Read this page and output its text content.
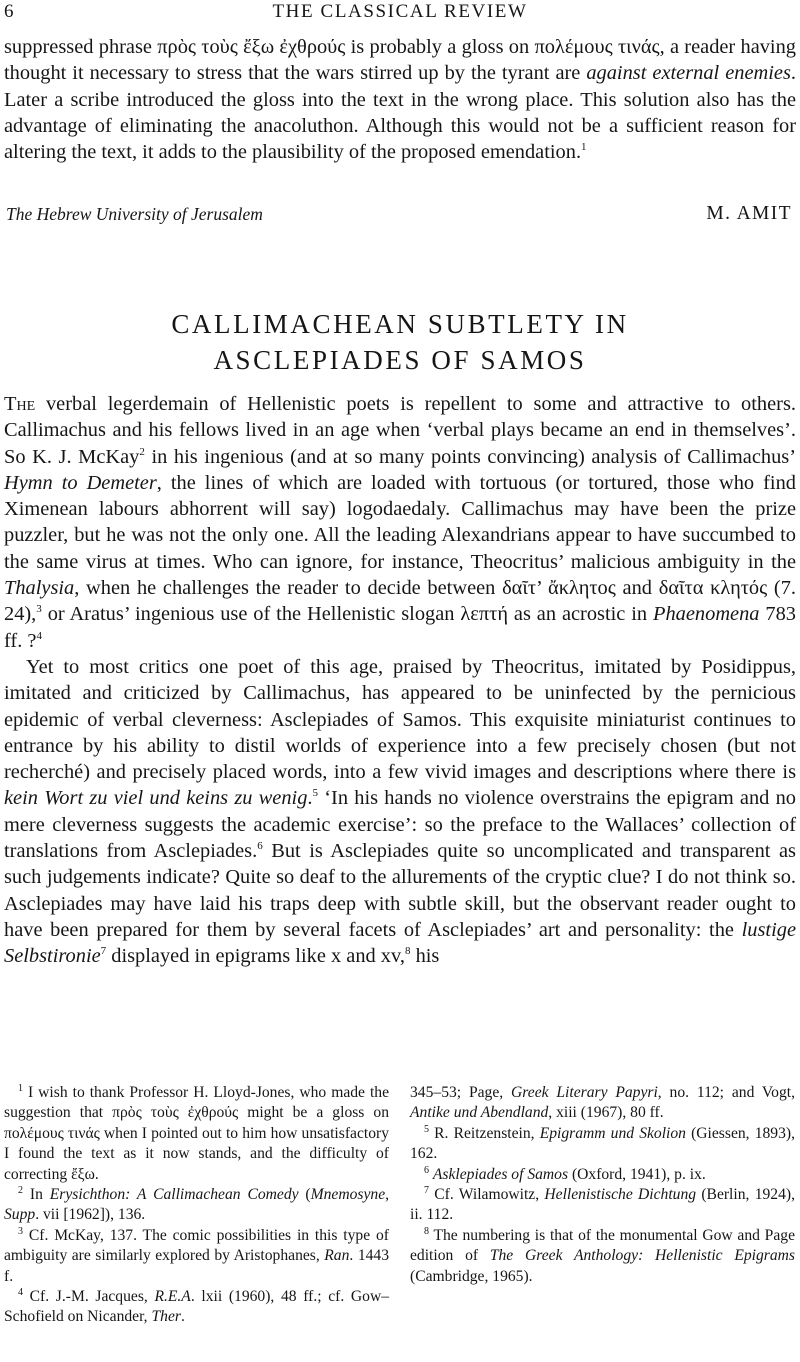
6	THE CLASSICAL REVIEW

suppressed phrase πρὸς τοὺς ἔξω ἐχθρούς is probably a gloss on πολέμους τινάς, a reader having thought it necessary to stress that the wars stirred up by the tyrant are against external enemies. Later a scribe introduced the gloss into the text in the wrong place. This solution also has the advantage of eliminating the anacoluthon. Although this would not be a sufficient reason for altering the text, it adds to the plausibility of the proposed emendation.$^1$

The Hebrew University of Jerusalem	M. AMIT
CALLIMACHEAN SUBTLETY IN
ASCLEPIADES OF SAMOS

The verbal legerdemain of Hellenistic poets is repellent to some and attractive to others. Callimachus and his fellows lived in an age when ‘verbal plays became an end in themselves’. So K. J. McKay$^2$ in his ingenious (and at so many points convincing) analysis of Callimachus’ Hymn to Demeter, the lines of which are loaded with tortuous (or tortured, those who find Ximenean labours abhorrent will say) logodaedaly. Callimachus may have been the prize puzzler, but he was not the only one. All the leading Alexandrians appear to have succumbed to the same virus at times. Who can ignore, for instance, Theocritus’ malicious ambiguity in the Thalysia, when he challenges the reader to decide between δαῖτ’ ἄκλητος and δαῖτα κλητός (7. 24),$^3$ or Aratus’ ingenious use of the Hellenistic slogan λεπτή as an acrostic in Phaenomena 783 ff. ?$^4$

Yet to most critics one poet of this age, praised by Theocritus, imitated by Posidippus, imitated and criticized by Callimachus, has appeared to be uninfected by the pernicious epidemic of verbal cleverness: Asclepiades of Samos. This exquisite miniaturist continues to entrance by his ability to distil worlds of experience into a few precisely chosen (but not recherché) and precisely placed words, into a few vivid images and descriptions where there is kein Wort zu viel und keins zu wenig.$^5$ ‘In his hands no violence overstrains the epigram and no mere cleverness suggests the academic exercise’: so the preface to the Wallaces’ collection of translations from Asclepiades.$^6$ But is Asclepiades quite so uncomplicated and transparent as such judgements indicate? Quite so deaf to the allurements of the cryptic clue? I do not think so. Asclepiades may have laid his traps deep with subtle skill, but the observant reader ought to have been prepared for them by several facets of Asclepiades’ art and personality: the lustige Selbstironie$^7$ displayed in epigrams like x and xv,$^8$ his

$^1$ I wish to thank Professor H. Lloyd-Jones, who made the suggestion that πρὸς τοὺς ἐχθρούς might be a gloss on πολέμους τινάς when I pointed out to him how unsatisfactory I found the text as it now stands, and the difficulty of correcting ἔξω.

$^2$ In Erysichthon: A Callimachean Comedy (Mnemosyne, Supp. vii [1962]), 136.

$^3$ Cf. McKay, 137. The comic possibilities in this type of ambiguity are similarly explored by Aristophanes, Ran. 1443 f.

$^4$ Cf. J.-M. Jacques, R.E.A. lxii (1960), 48 ff.; cf. Gow–Schofield on Nicander, Ther.

345–53; Page, Greek Literary Papyri, no. 112; and Vogt, Antike und Abendland, xiii (1967), 80 ff.

$^5$ R. Reitzenstein, Epigramm und Skolion (Giessen, 1893), 162.

$^6$ Asklepiades of Samos (Oxford, 1941), p. ix.

$^7$ Cf. Wilamowitz, Hellenistische Dichtung (Berlin, 1924), ii. 112.

$^8$ The numbering is that of the monumental Gow and Page edition of The Greek Anthology: Hellenistic Epigrams (Cambridge, 1965).
